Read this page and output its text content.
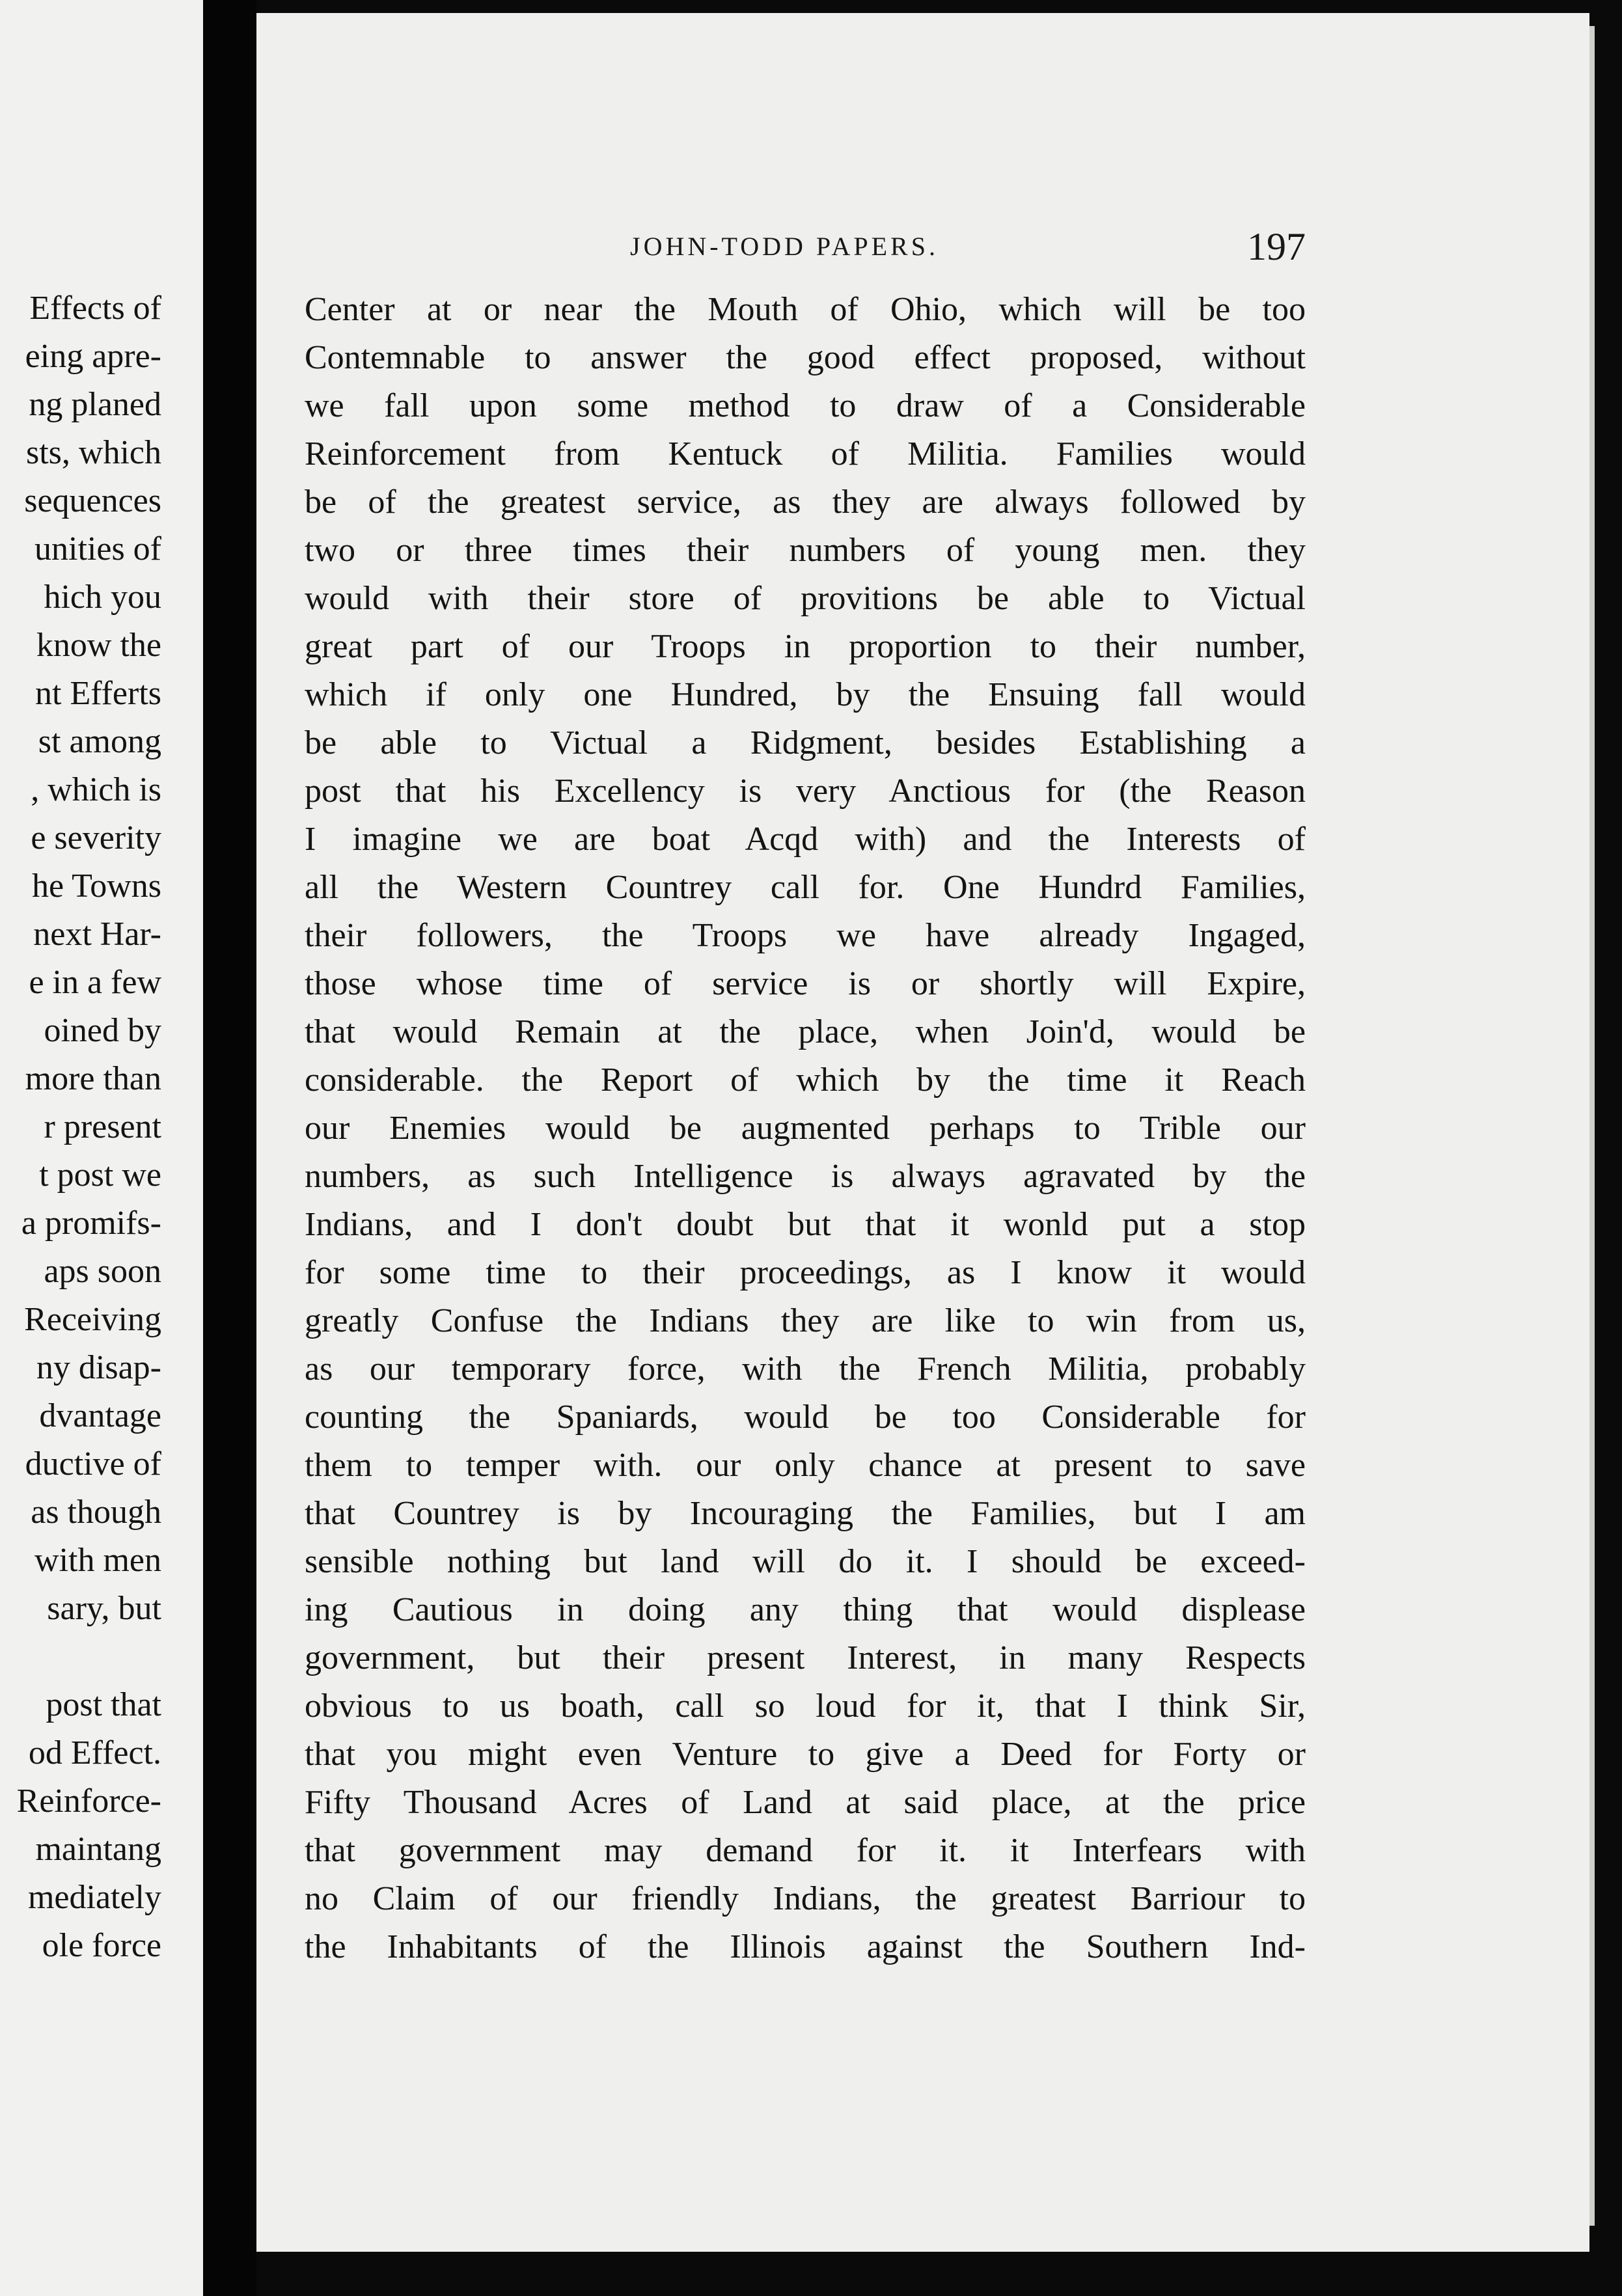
Effects of

eing apre-

ng planed

sts, which

sequences

unities of

hich you

know the

nt Efferts

st among

, which is

e severity

he Towns

next Har-

e in a few

oined by

more than

r present

t post we

a promifs-

aps soon

Receiving

ny disap-

dvantage

ductive of

as though

with men

sary, but

post that

od Effect.

Reinforce-

maintang

mediately

ole force

JOHN-TODD PAPERS.	197

Center at or near the Mouth of Ohio, which will be too

Contemnable to answer the good effect proposed, without

we fall upon some method to draw of a Considerable

Reinforcement from Kentuck of Militia. Families would

be of the greatest service, as they are always followed by

two or three times their numbers of young men. they

would with their store of provitions be able to Victual

great part of our Troops in proportion to their number,

which if only one Hundred, by the Ensuing fall would

be able to Victual a Ridgment, besides Establishing a

post that his Excellency is very Anctious for (the Reason

I imagine we are boat Acqd with) and the Interests of

all the Western Countrey call for. One Hundrd Families,

their followers, the Troops we have already Ingaged,

those whose time of service is or shortly will Expire,

that would Remain at the place, when Join'd, would be

considerable. the Report of which by the time it Reach

our Enemies would be augmented perhaps to Trible our

numbers, as such Intelligence is always agravated by the

Indians, and I don't doubt but that it wonld put a stop

for some time to their proceedings, as I know it would

greatly Confuse the Indians they are like to win from us,

as our temporary force, with the French Militia, probably

counting the Spaniards, would be too Considerable for

them to temper with. our only chance at present to save

that Countrey is by Incouraging the Families, but I am

sensible nothing but land will do it. I should be exceed-

ing Cautious in doing any thing that would displease

government, but their present Interest, in many Respects

obvious to us boath, call so loud for it, that I think Sir,

that you might even Venture to give a Deed for Forty or

Fifty Thousand Acres of Land at said place, at the price

that government may demand for it. it Interfears with

no Claim of our friendly Indians, the greatest Barriour to

the Inhabitants of the Illinois against the Southern Ind-
